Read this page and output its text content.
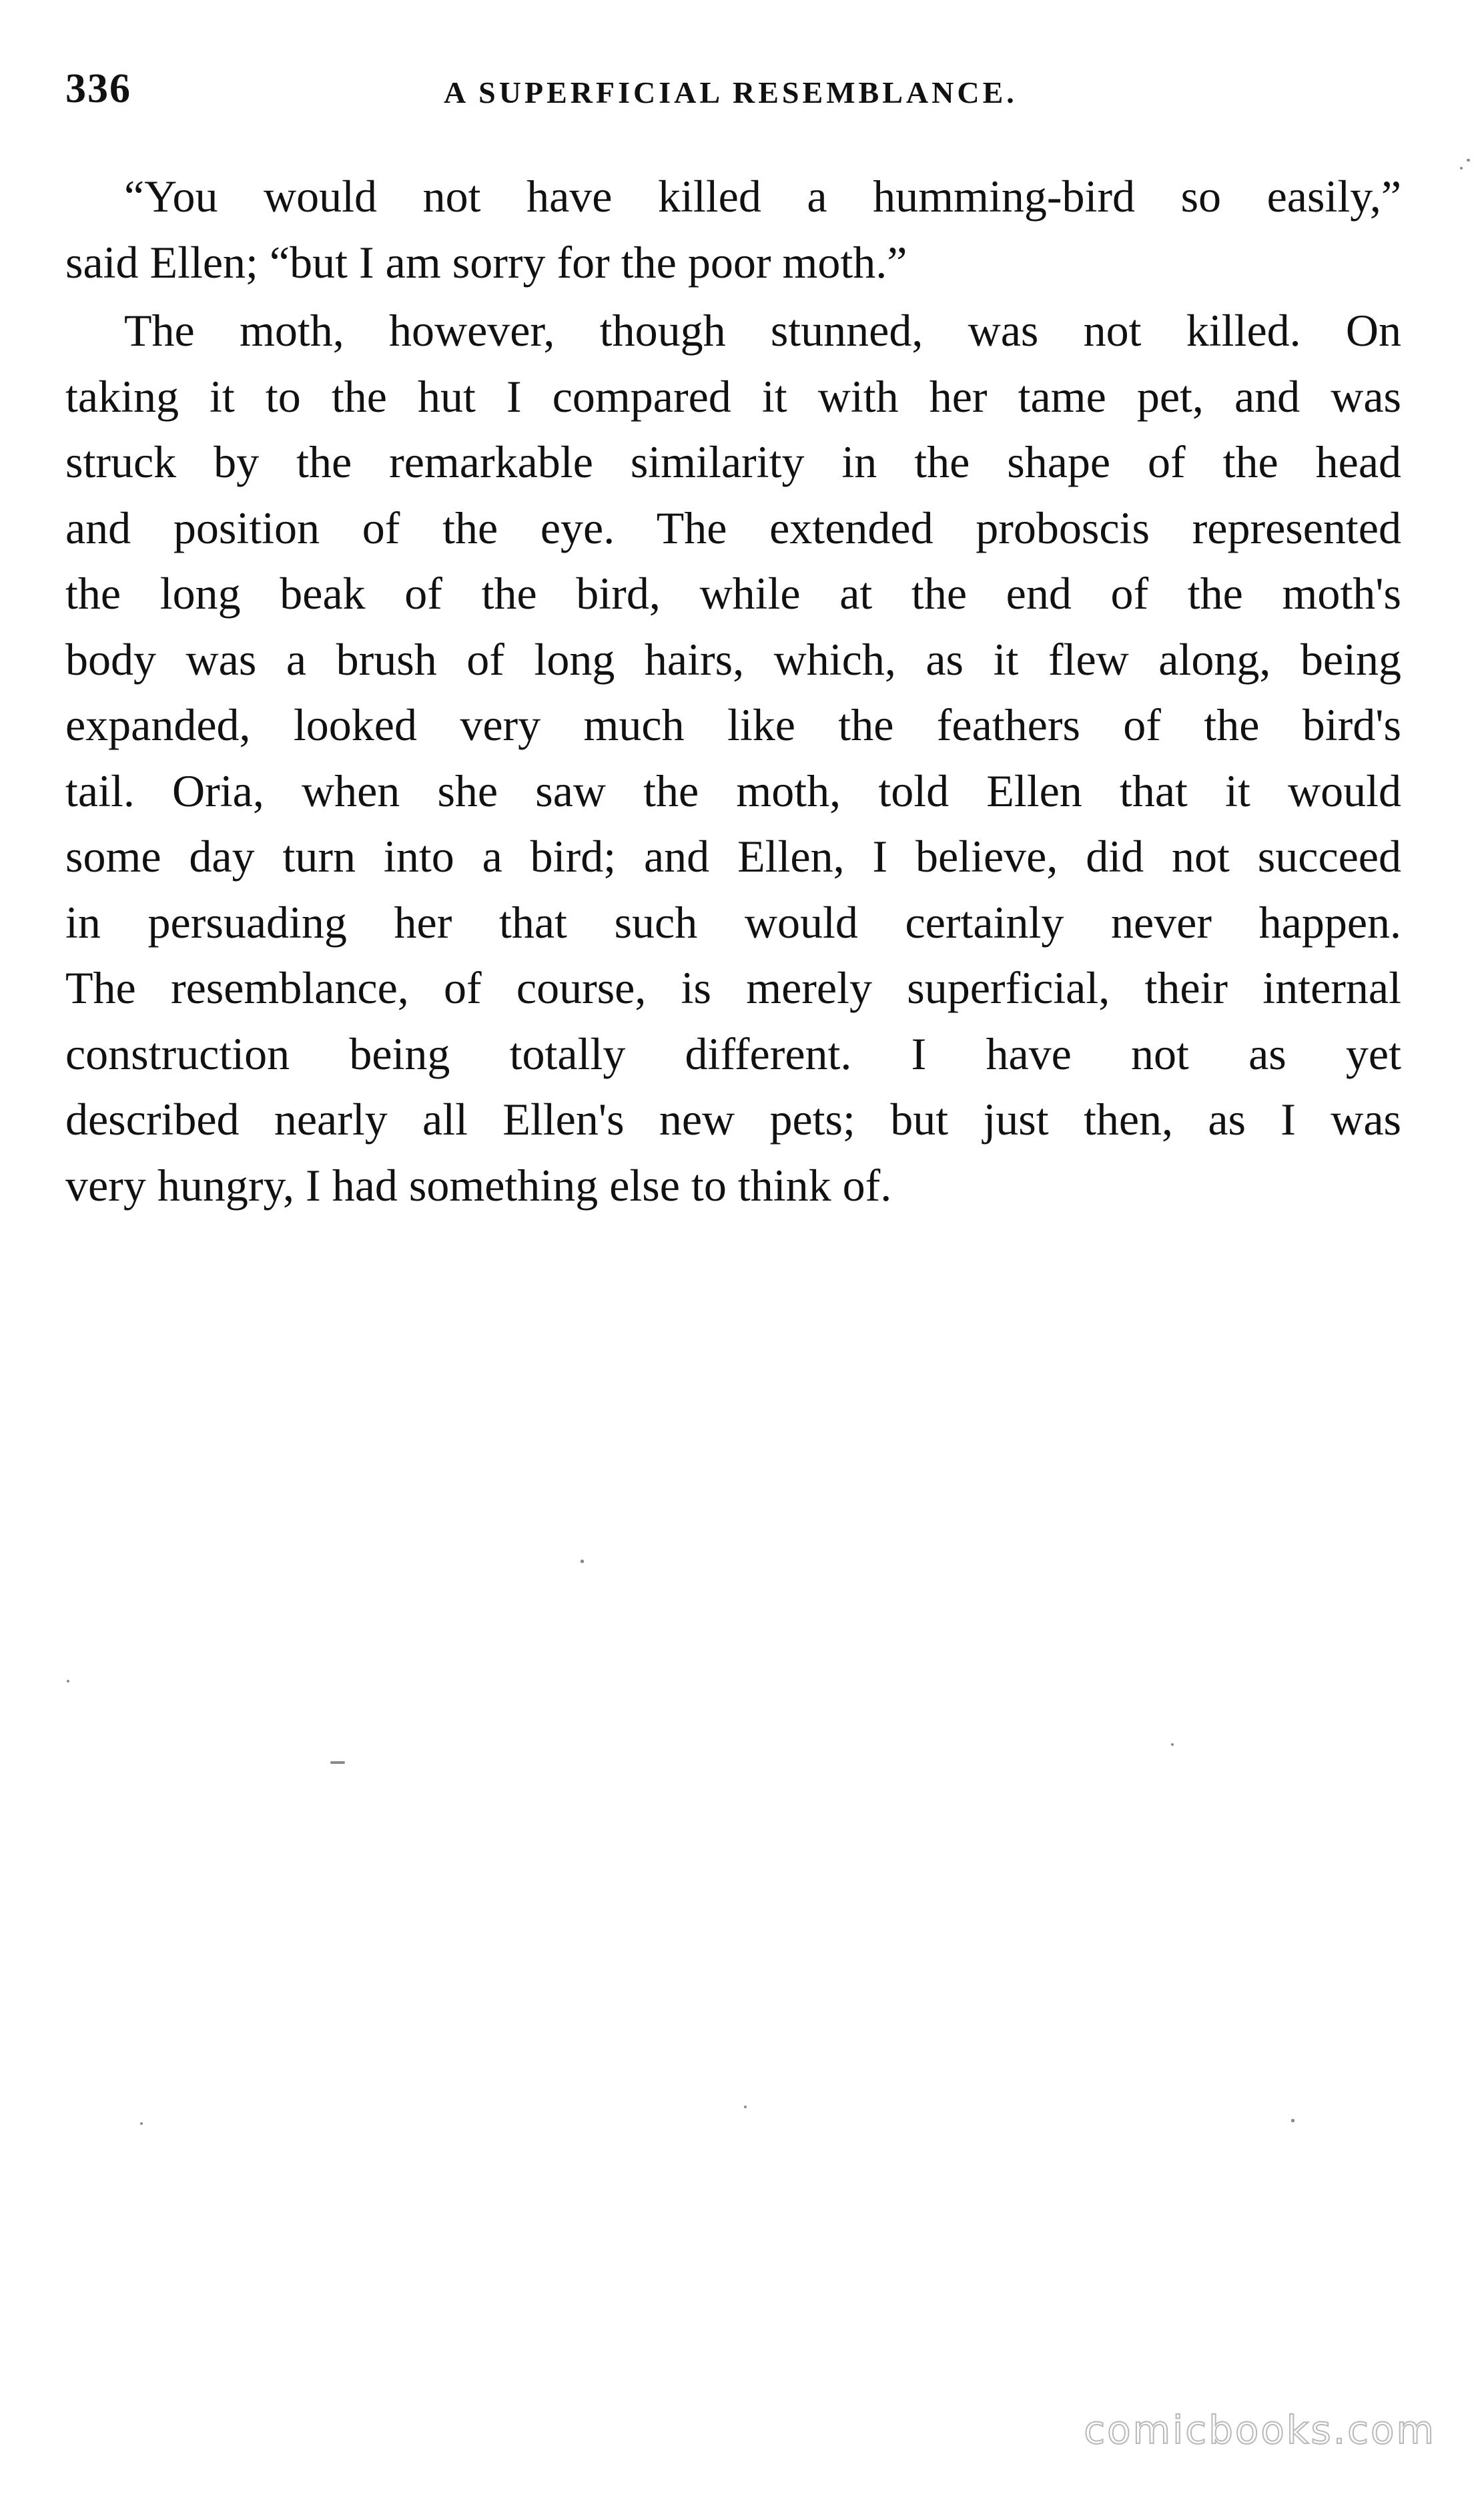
336	A SUPERFICIAL RESEMBLANCE.
“You would not have killed a humming-bird so easily,”
said Ellen; “but I am sorry for the poor moth.”
The moth, however, though stunned, was not killed. On
taking it to the hut I compared it with her tame pet, and was
struck by the remarkable similarity in the shape of the head
and position of the eye. The extended proboscis represented
the long beak of the bird, while at the end of the moth's
body was a brush of long hairs, which, as it flew along, being
expanded, looked very much like the feathers of the bird's
tail. Oria, when she saw the moth, told Ellen that it would
some day turn into a bird; and Ellen, I believe, did not succeed
in persuading her that such would certainly never happen.
The resemblance, of course, is merely superficial, their internal
construction being totally different. I have not as yet
described nearly all Ellen's new pets; but just then, as I was
very hungry, I had something else to think of.
comicbooks.com
